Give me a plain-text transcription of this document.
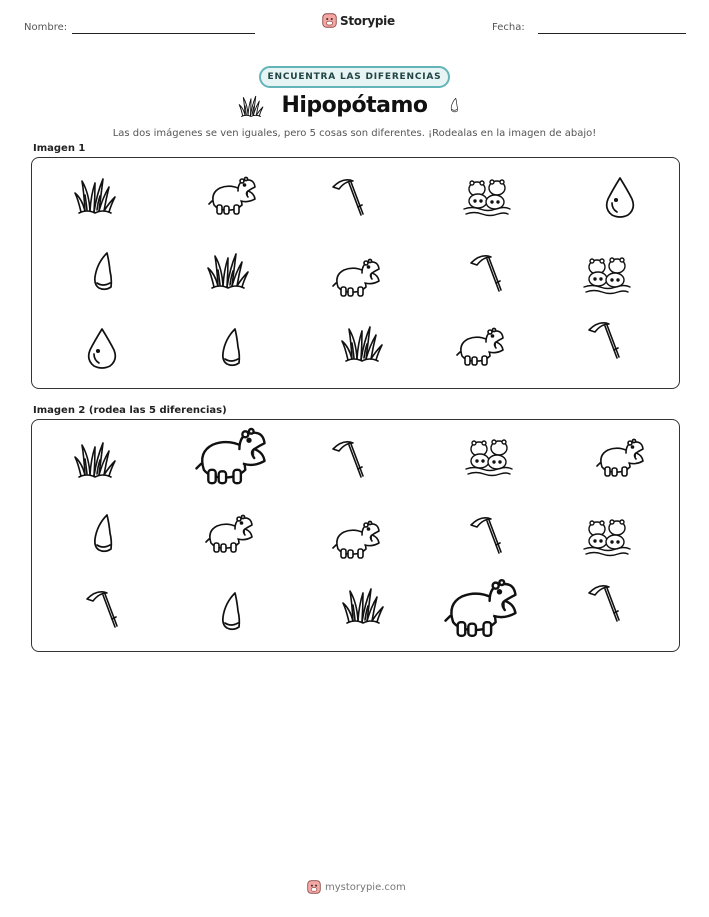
Nombre:	Storypie	Fecha:
ENCUENTRA LAS DIFERENCIAS
Hipopótamo
Las dos imágenes se ven iguales, pero 5 cosas son diferentes. ¡Rodealas en la imagen de abajo!
Imagen 1
Imagen 2 (rodea las 5 diferencias)
mystorypie.com
